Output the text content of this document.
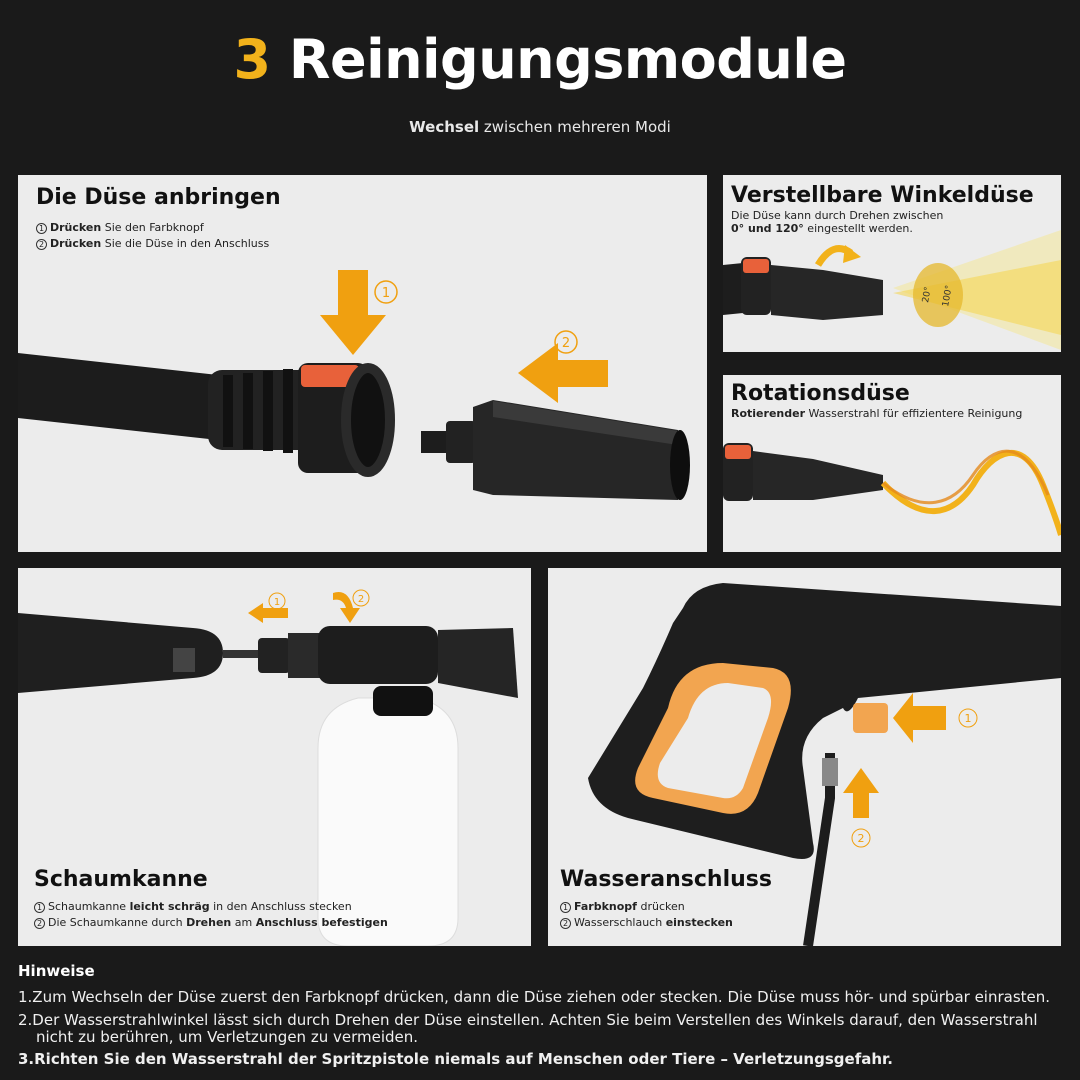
3 Reinigungsmodule
Wechsel zwischen mehreren Modi
Die Düse anbringen
1 Drücken Sie den Farbknopf
2 Drücken Sie die Düse in den Anschluss
1
2
20° 100°
Verstellbare Winkeldüse
Die Düse kann durch Drehen zwischen
0° und 120° eingestellt werden.
Rotationsdüse
Rotierender Wasserstrahl für effizientere Reinigung
1	2
Schaumkanne
1 Schaumkanne leicht schräg in den Anschluss stecken
2 Die Schaumkanne durch Drehen am Anschluss befestigen
1
2
Wasseranschluss
1 Farbknopf drücken
2 Wasserschlauch einstecken
Hinweise
1.Zum Wechseln der Düse zuerst den Farbknopf drücken, dann die Düse ziehen oder stecken. Die Düse muss hör- und spürbar einrasten.
2.Der Wasserstrahlwinkel lässt sich durch Drehen der Düse einstellen. Achten Sie beim Verstellen des Winkels darauf, den Wasserstrahl
nicht zu berühren, um Verletzungen zu vermeiden.
3.Richten Sie den Wasserstrahl der Spritzpistole niemals auf Menschen oder Tiere – Verletzungsgefahr.
